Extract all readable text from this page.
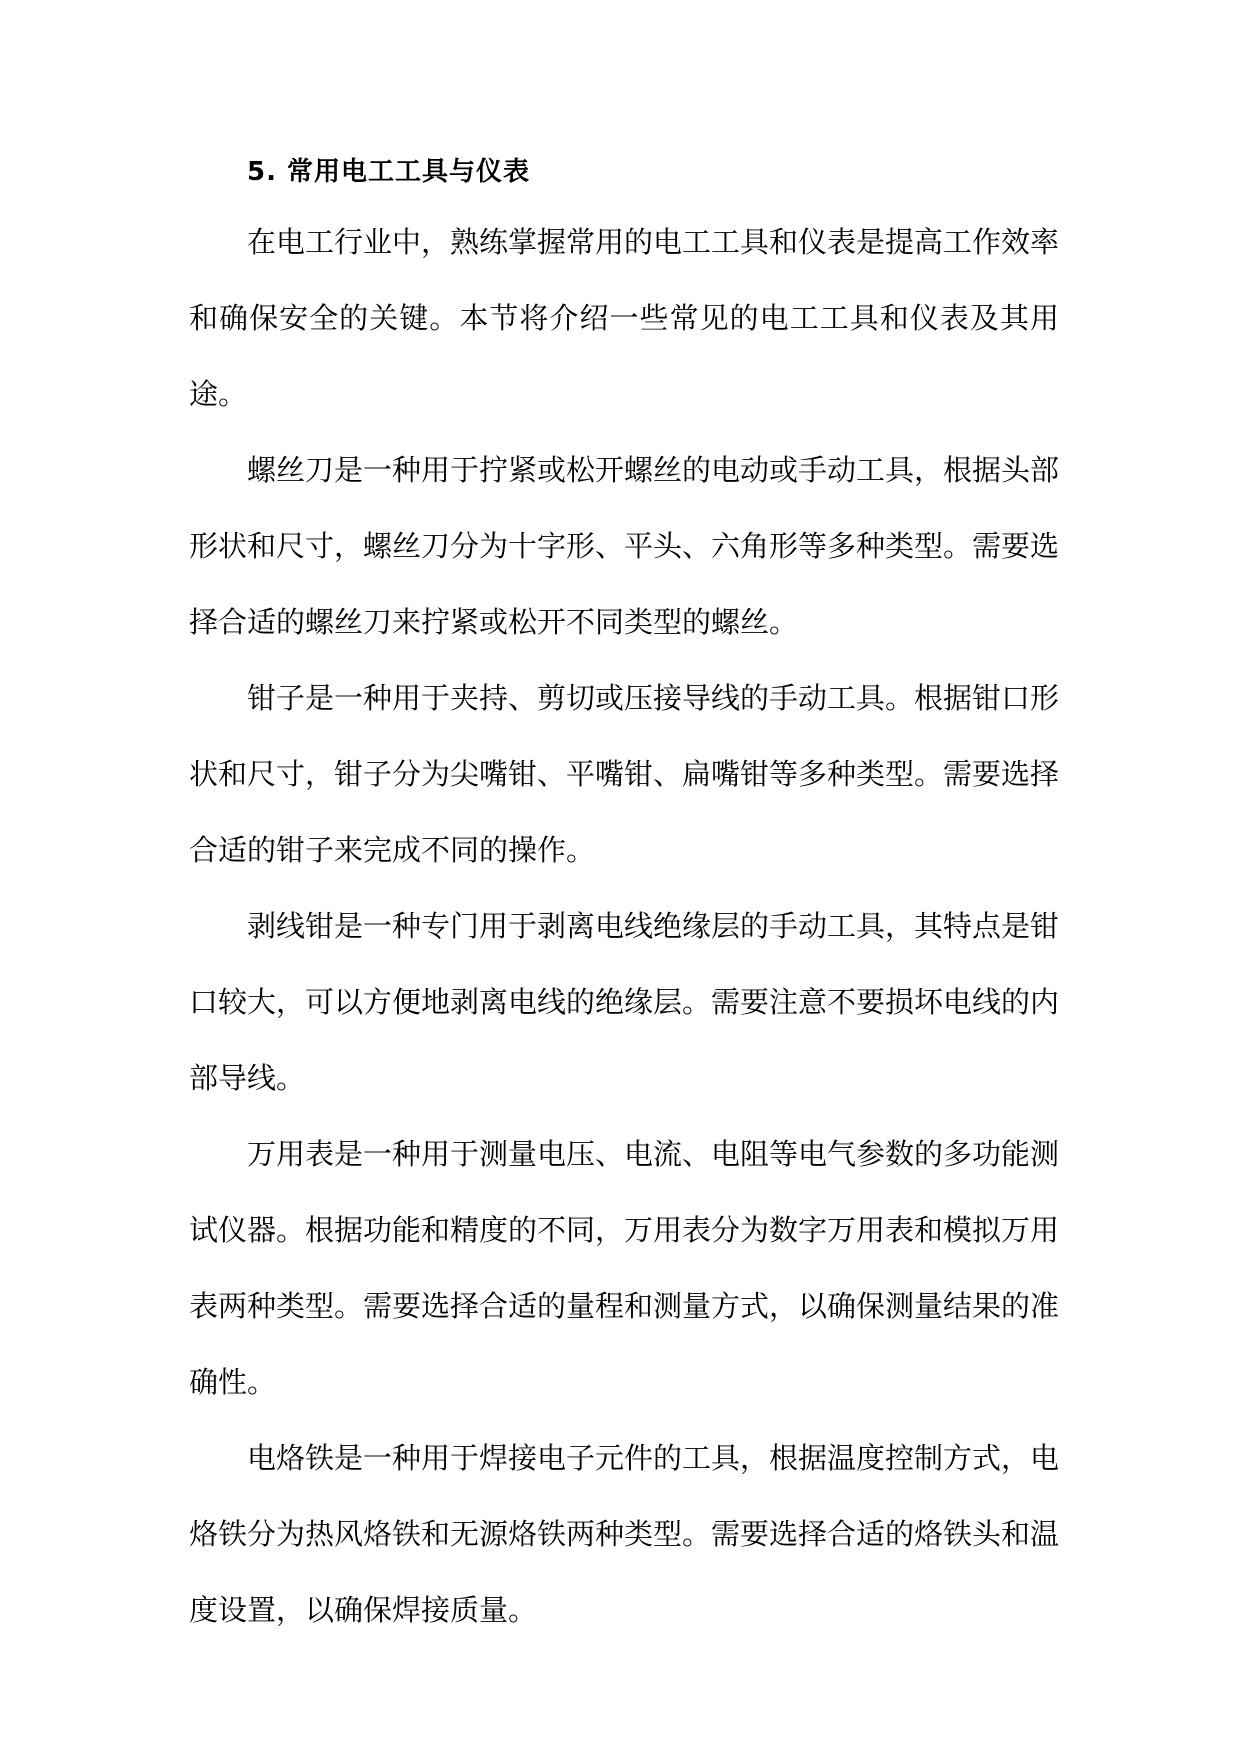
5. 常用电工工具与仪表

在电工行业中，熟练掌握常用的电工工具和仪表是提高工作效率和确保安全的关键。本节将介绍一些常见的电工工具和仪表及其用途。

螺丝刀是一种用于拧紧或松开螺丝的电动或手动工具，根据头部形状和尺寸，螺丝刀分为十字形、平头、六角形等多种类型。需要选择合适的螺丝刀来拧紧或松开不同类型的螺丝。

钳子是一种用于夹持、剪切或压接导线的手动工具。根据钳口形状和尺寸，钳子分为尖嘴钳、平嘴钳、扁嘴钳等多种类型。需要选择合适的钳子来完成不同的操作。

剥线钳是一种专门用于剥离电线绝缘层的手动工具，其特点是钳口较大，可以方便地剥离电线的绝缘层。需要注意不要损坏电线的内部导线。

万用表是一种用于测量电压、电流、电阻等电气参数的多功能测试仪器。根据功能和精度的不同，万用表分为数字万用表和模拟万用表两种类型。需要选择合适的量程和测量方式，以确保测量结果的准确性。

电烙铁是一种用于焊接电子元件的工具，根据温度控制方式，电烙铁分为热风烙铁和无源烙铁两种类型。需要选择合适的烙铁头和温度设置，以确保焊接质量。
